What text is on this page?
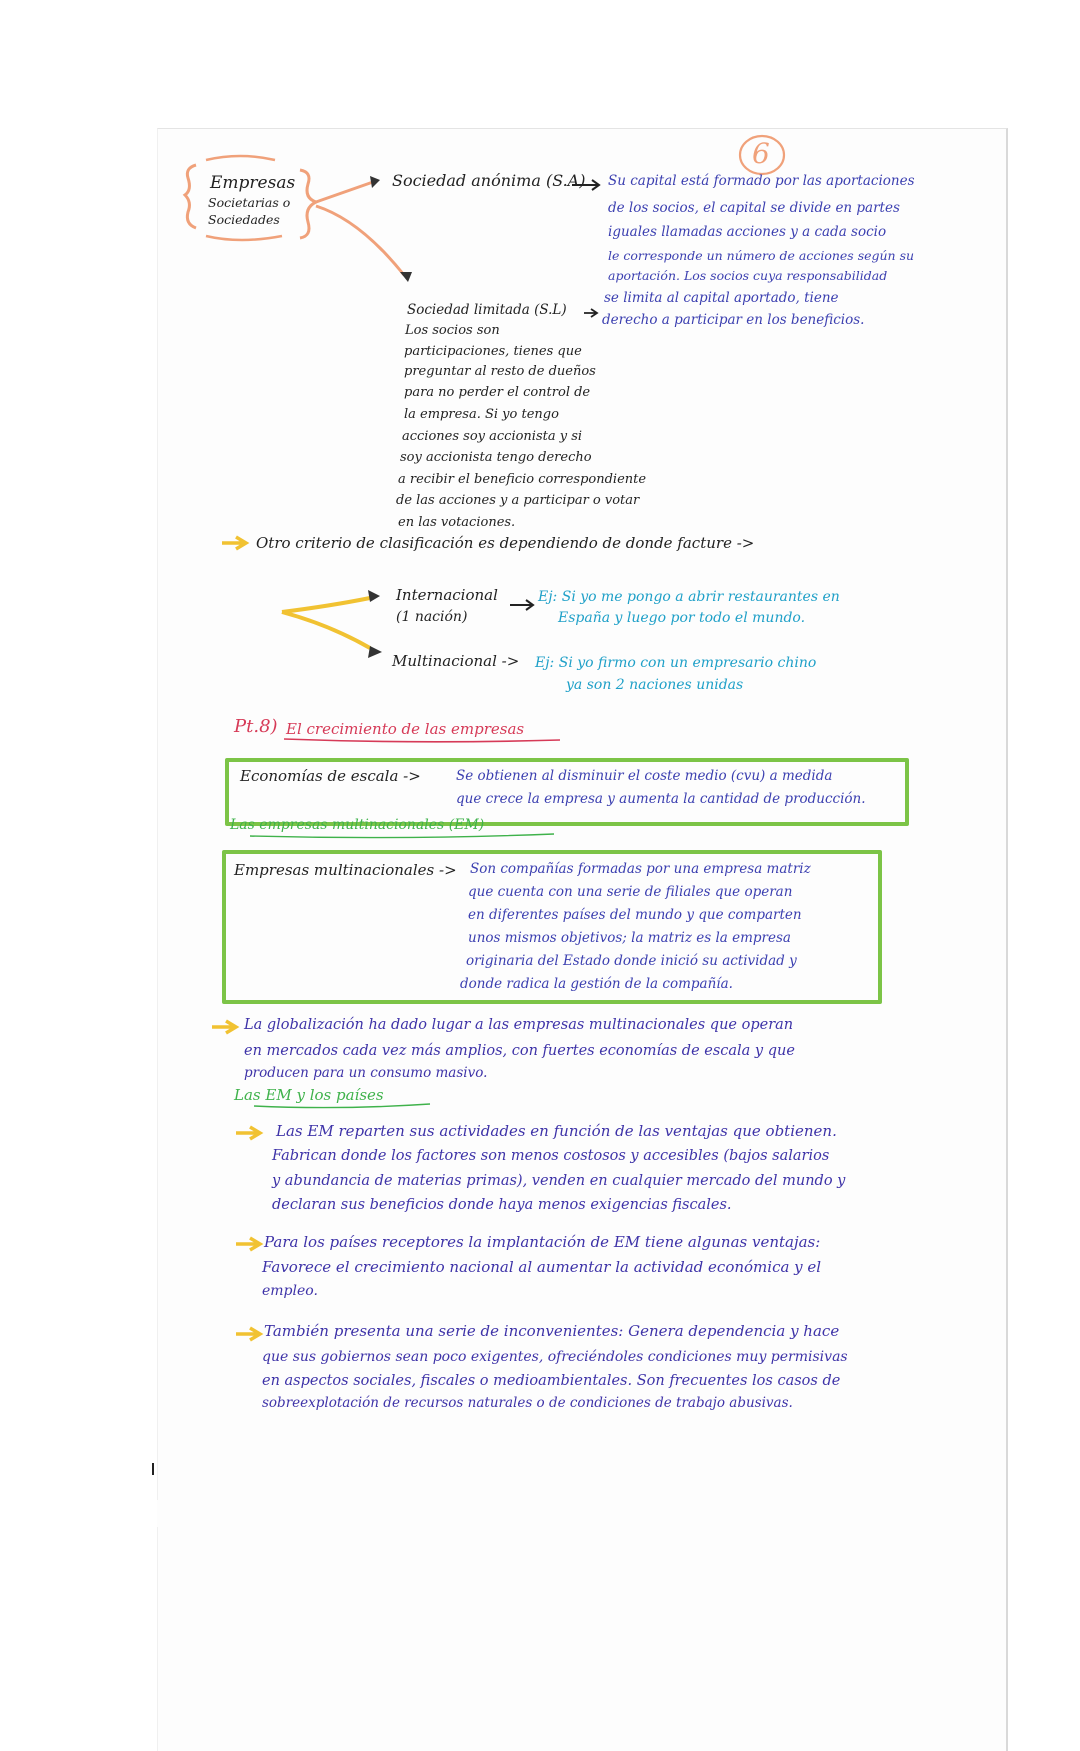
6
Empresas
Societarias o
Sociedades
Sociedad anónima (S.A) Su capital está formado por las aportaciones
de los socios, el capital se divide en partes
iguales llamadas acciones y a cada socio
le corresponde un número de acciones según su
aportación. Los socios cuya responsabilidad
se limita al capital aportado, tiene
derecho a participar en los beneficios.
Sociedad limitada (S.L)
Los socios son
participaciones, tienes que
preguntar al resto de dueños
para no perder el control de
la empresa. Si yo tengo
acciones soy accionista y si
soy accionista tengo derecho
a recibir el beneficio correspondiente
de las acciones y a participar o votar
en las votaciones.
Otro criterio de clasificación es dependiendo de donde facture ->
Internacional
(1 nación)
Ej: Si yo me pongo a abrir restaurantes en
España y luego por todo el mundo.
Multinacional -> Ej: Si yo firmo con un empresario chino
ya son 2 naciones unidas
Pt.8) El crecimiento de las empresas
Economías de escala ->	Se obtienen al disminuir el coste medio (cvu) a medida
que crece la empresa y aumenta la cantidad de producción.
Las empresas multinacionales (EM)
Empresas multinacionales -> Son compañías formadas por una empresa matriz
que cuenta con una serie de filiales que operan
en diferentes países del mundo y que comparten
unos mismos objetivos; la matriz es la empresa
originaria del Estado donde inició su actividad y
donde radica la gestión de la compañía.
La globalización ha dado lugar a las empresas multinacionales que operan
en mercados cada vez más amplios, con fuertes economías de escala y que
producen para un consumo masivo.
Las EM y los países
Las EM reparten sus actividades en función de las ventajas que obtienen.
Fabrican donde los factores son menos costosos y accesibles (bajos salarios
y abundancia de materias primas), venden en cualquier mercado del mundo y
declaran sus beneficios donde haya menos exigencias fiscales.
Para los países receptores la implantación de EM tiene algunas ventajas:
Favorece el crecimiento nacional al aumentar la actividad económica y el
empleo.
También presenta una serie de inconvenientes: Genera dependencia y hace
que sus gobiernos sean poco exigentes, ofreciéndoles condiciones muy permisivas
en aspectos sociales, fiscales o medioambientales. Son frecuentes los casos de
sobreexplotación de recursos naturales o de condiciones de trabajo abusivas.
